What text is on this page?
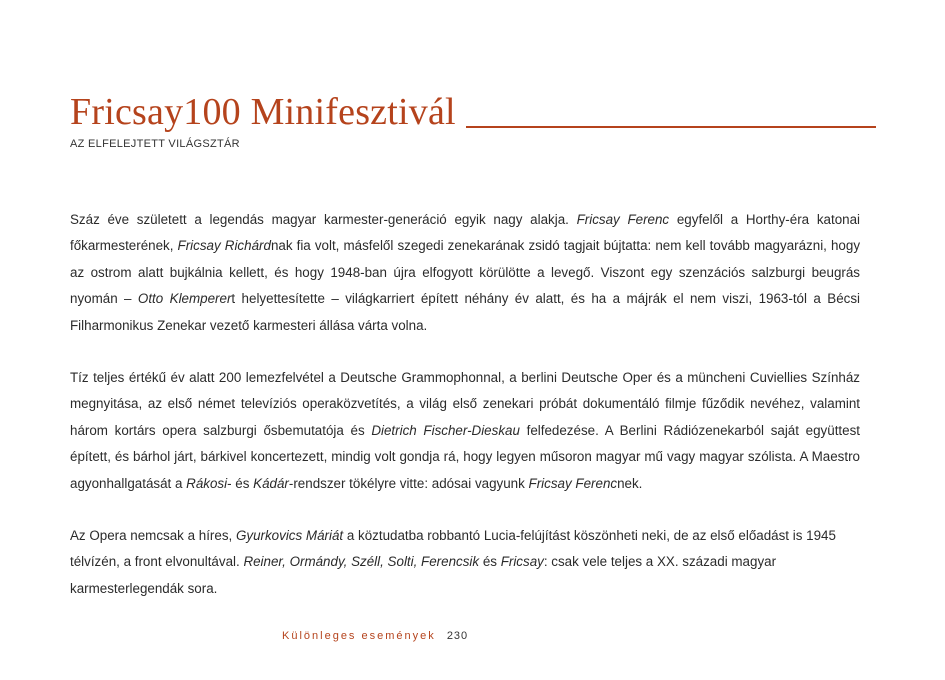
Fricsay100 Minifesztivál
AZ ELFELEJTETT VILÁGSZTÁR

Száz éve született a legendás magyar karmester-generáció egyik nagy alakja. Fricsay Ferenc egyfelől a Horthy-éra katonai főkarmesterének, Fricsay Richárdnak fia volt, másfelől szegedi zenekarának zsidó tagjait bújtatta: nem kell tovább magyarázni, hogy az ostrom alatt bujkálnia kellett, és hogy 1948-ban újra elfogyott körülötte a levegő. Viszont egy szenzációs salzburgi beugrás nyomán – Otto Klemperert helyettesítette – világkarriert épített néhány év alatt, és ha a májrák el nem viszi, 1963-tól a Bécsi Filharmonikus Zenekar vezető karmesteri állása várta volna.

Tíz teljes értékű év alatt 200 lemezfelvétel a Deutsche Grammophonnal, a berlini Deutsche Oper és a müncheni Cuviellies Színház megnyitása, az első német televíziós operaközvetítés, a világ első zenekari próbát dokumentáló filmje fűződik nevéhez, valamint három kortárs opera salzburgi ősbemutatója és Dietrich Fischer-Dieskau felfedezése. A Berlini Rádiózenekarból saját együttest épített, és bárhol járt, bárkivel koncertezett, mindig volt gondja rá, hogy legyen műsoron magyar mű vagy magyar szólista. A Maestro agyonhallgatását a Rákosi- és Kádár-rendszer tökélyre vitte: adósai vagyunk Fricsay Ferencnek.

Az Opera nemcsak a híres, Gyurkovics Máriát a köztudatba robbantó Lucia-felújítást köszönheti neki, de az első előadást is 1945 télvízén, a front elvonultával. Reiner, Ormándy, Széll, Solti, Ferencsik és Fricsay: csak vele teljes a XX. századi magyar karmesterlegendák sora.

Különleges események 230
